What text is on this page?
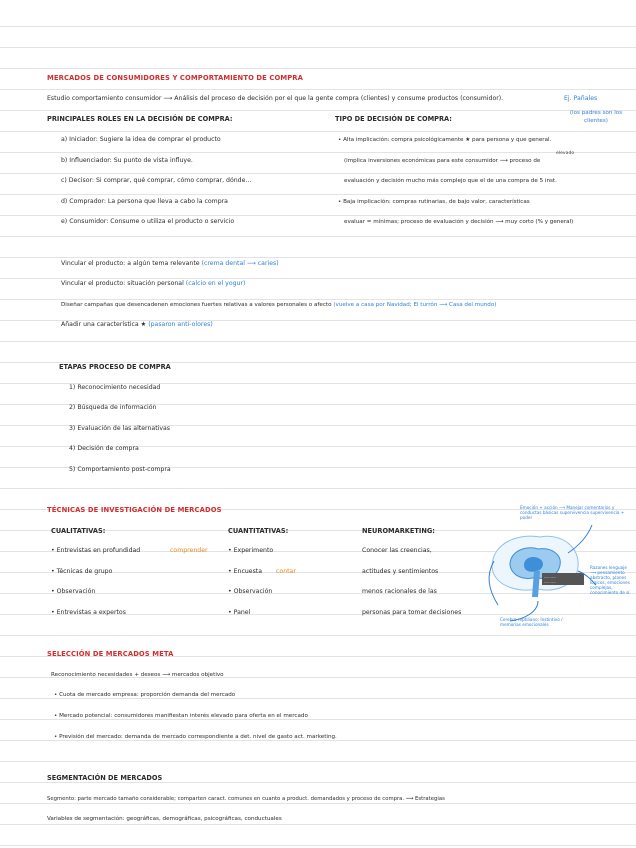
MERCADOS DE CONSUMIDORES Y COMPORTAMIENTO DE COMPRA
Estudio comportamiento consumidor ⟶ Análisis del proceso de decisión por el que la gente compra (clientes) y consume productos (consumidor).	Ej. Pañales
(los padres son los clientes)
PRINCIPALES ROLES EN LA DECISIÓN DE COMPRA:
a) Iniciador: Sugiere la idea de comprar el producto
b) Influenciador: Su punto de vista influye.
c) Decisor: Si comprar, qué comprar, cómo comprar, dónde...
d) Comprador: La persona que lleva a cabo la compra
e) Consumidor: Consume o utiliza el producto o servicio
TIPO DE DECISIÓN DE COMPRA:
• Alta implicación: compra psicológicamente ★ para persona y que general.
elevado
(implica inversiones económicas para este consumidor ⟿ proceso de
evaluación y decisión mucho más complejo que el de una compra de 5 inst.
• Baja implicación: compras rutinarias, de bajo valor, características
evaluar = mínimas; proceso de evaluación y decisión ⟶ muy corto (% y general)
Vincular el producto: a algún tema relevante (crema dental ⟶ caries)
Vincular el producto: situación personal (calcio en el yogur)
Diseñar campañas que desencadenen emociones fuertes relativas a valores personales o afecto (vuelve a casa por Navidad; El turrón ⟶ Casa del mundo)
Añadir una característica ★ (pasaron anti-olores)
ETAPAS PROCESO DE COMPRA
1) Reconocimiento necesidad
2) Búsqueda de información
3) Evaluación de las alternativas
4) Decisión de compra
5) Comportamiento post-compra
TÉCNICAS DE INVESTIGACIÓN DE MERCADOS
CUALITATIVAS:
• Entrevistas en profundidad	comprender
• Técnicas de grupo
• Observación
• Entrevistas a expertos
CUANTITATIVAS:
• Experimento
• Encuesta contar
• Observación
• Panel
NEUROMARKETING:
Conocer las creencias,
actitudes y sentimientos
menos racionales de las
personas para tomar decisiones
----- -----
----- -----
Emoción + acción ⟶ Manejar comentarios y conductas básicas supervivencia supervivencia + poder
Razones lenguaje ⟶ pensamiento abstracto, planes lógicos, emociones complejas, conocimiento de sí
Cerebro reptiliano: Instintivo / memorias emocionales
SELECCIÓN DE MERCADOS META
Reconocimiento necesidades + deseos ⟶ mercados objetivo
• Cuota de mercado empresa: proporción demanda del mercado
• Mercado potencial: consumidores manifiestan interés elevado para oferta en el mercado
• Previsión del mercado: demanda de mercado correspondiente a det. nivel de gasto act. marketing.
SEGMENTACIÓN DE MERCADOS
Segmento: parte mercado tamaño considerable; comparten caract. comunes en cuanto a product. demandados y proceso de compra. ⟿ Estrategias
Variables de segmentación: geográficas, demográficas, psicográficas, conductuales
